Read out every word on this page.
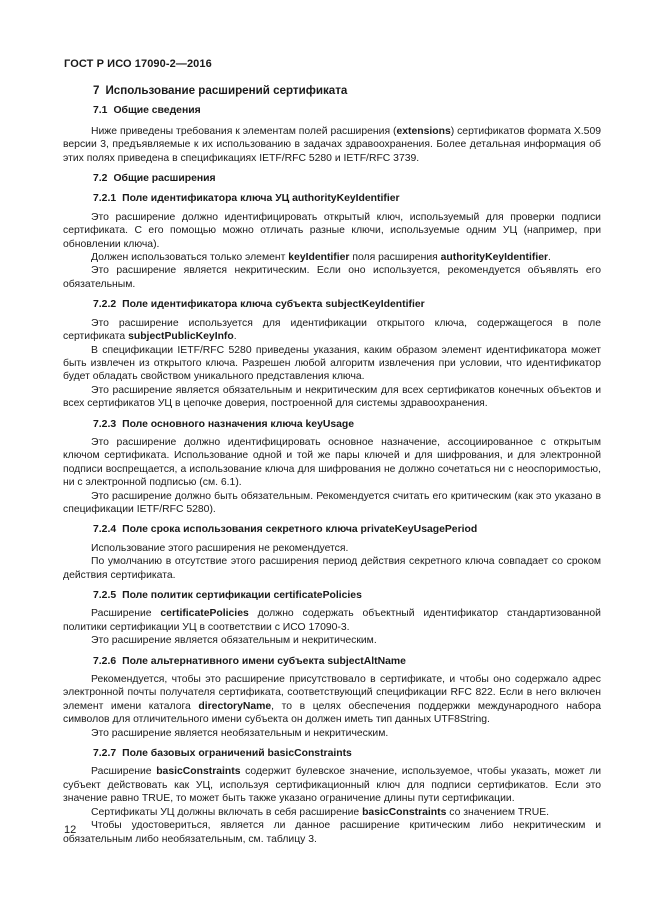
ГОСТ Р ИСО 17090-2—2016
7 Использование расширений сертификата
7.1 Общие сведения

Ниже приведены требования к элементам полей расширения (extensions) сертификатов формата X.509 версии 3, предъявляемые к их использованию в задачах здравоохранения. Более детальная информация об этих полях приведена в спецификациях IETF/RFC 5280 и IETF/RFC 3739.

7.2 Общие расширения
7.2.1 Поле идентификатора ключа УЦ authorityKeyIdentifier

Это расширение должно идентифицировать открытый ключ, используемый для проверки подписи сертификата. С его помощью можно отличать разные ключи, используемые одним УЦ (например, при обновлении ключа).

Должен использоваться только элемент keyIdentifier поля расширения authorityKeyIdentifier.

Это расширение является некритическим. Если оно используется, рекомендуется объявлять его обязательным.

7.2.2 Поле идентификатора ключа субъекта subjectKeyIdentifier

Это расширение используется для идентификации открытого ключа, содержащегося в поле сертификата subjectPublicKeyInfo.

В спецификации IETF/RFC 5280 приведены указания, каким образом элемент идентификатора может быть извлечен из открытого ключа. Разрешен любой алгоритм извлечения при условии, что идентификатор будет обладать свойством уникального представления ключа.

Это расширение является обязательным и некритическим для всех сертификатов конечных объектов и всех сертификатов УЦ в цепочке доверия, построенной для системы здравоохранения.

7.2.3 Поле основного назначения ключа keyUsage

Это расширение должно идентифицировать основное назначение, ассоциированное с открытым ключом сертификата. Использование одной и той же пары ключей и для шифрования, и для электронной подписи воспрещается, а использование ключа для шифрования не должно сочетаться ни с неоспоримостью, ни с электронной подписью (см. 6.1).

Это расширение должно быть обязательным. Рекомендуется считать его критическим (как это указано в спецификации IETF/RFC 5280).

7.2.4 Поле срока использования секретного ключа privateKeyUsagePeriod

Использование этого расширения не рекомендуется.

По умолчанию в отсутствие этого расширения период действия секретного ключа совпадает со сроком действия сертификата.

7.2.5 Поле политик сертификации certificatePolicies

Расширение certificatePolicies должно содержать объектный идентификатор стандартизованной политики сертификации УЦ в соответствии с ИСО 17090-3.

Это расширение является обязательным и некритическим.

7.2.6 Поле альтернативного имени субъекта subjectAltName

Рекомендуется, чтобы это расширение присутствовало в сертификате, и чтобы оно содержало адрес электронной почты получателя сертификата, соответствующий спецификации RFC 822. Если в него включен элемент имени каталога directoryName, то в целях обеспечения поддержки международного набора символов для отличительного имени субъекта он должен иметь тип данных UTF8String.

Это расширение является необязательным и некритическим.

7.2.7 Поле базовых ограничений basicConstraints

Расширение basicConstraints содержит булевское значение, используемое, чтобы указать, может ли субъект действовать как УЦ, используя сертификационный ключ для подписи сертификатов. Если это значение равно TRUE, то может быть также указано ограничение длины пути сертификации.

Сертификаты УЦ должны включать в себя расширение basicConstraints со значением TRUE.

Чтобы удостовериться, является ли данное расширение критическим либо некритическим и обязательным либо необязательным, см. таблицу 3.

12
